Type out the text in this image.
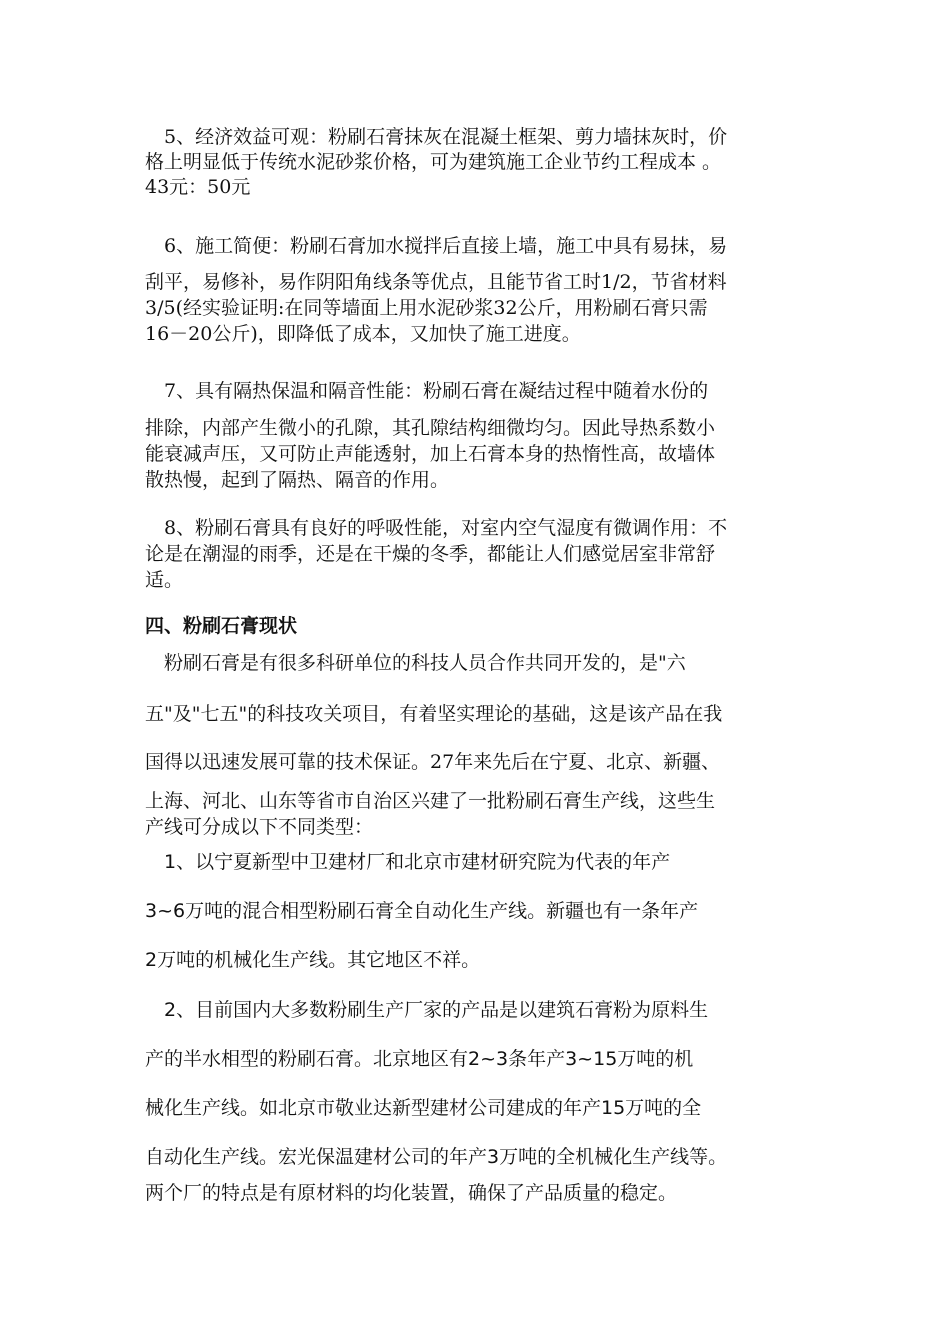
　5、经济效益可观：粉刷石膏抹灰在混凝土框架、剪力墙抹灰时，价
格上明显低于传统水泥砂浆价格，可为建筑施工企业节约工程成本 。
43元：50元
　6、施工简便：粉刷石膏加水搅拌后直接上墙，施工中具有易抹，易
刮平，易修补，易作阴阳角线条等优点，且能节省工时1/2，节省材料
3/5(经实验证明:在同等墙面上用水泥砂浆32公斤，用粉刷石膏只需
16－20公斤)，即降低了成本，又加快了施工进度。
　7、具有隔热保温和隔音性能：粉刷石膏在凝结过程中随着水份的
排除，内部产生微小的孔隙，其孔隙结构细微均匀。因此导热系数小
能衰减声压，又可防止声能透射，加上石膏本身的热惰性高，故墙体
散热慢，起到了隔热、隔音的作用。
　8、粉刷石膏具有良好的呼吸性能，对室内空气湿度有微调作用：不
论是在潮湿的雨季，还是在干燥的冬季，都能让人们感觉居室非常舒
适。
四、粉刷石膏现状
　粉刷石膏是有很多科研单位的科技人员合作共同开发的，是"六
五"及"七五"的科技攻关项目，有着坚实理论的基础，这是该产品在我
国得以迅速发展可靠的技术保证。27年来先后在宁夏、北京、新疆、
上海、河北、山东等省市自治区兴建了一批粉刷石膏生产线，这些生
产线可分成以下不同类型：
　1、以宁夏新型中卫建材厂和北京市建材研究院为代表的年产
3~6万吨的混合相型粉刷石膏全自动化生产线。新疆也有一条年产
2万吨的机械化生产线。其它地区不祥。
　2、目前国内大多数粉刷生产厂家的产品是以建筑石膏粉为原料生
产的半水相型的粉刷石膏。北京地区有2~3条年产3~15万吨的机
械化生产线。如北京市敬业达新型建材公司建成的年产15万吨的全
自动化生产线。宏光保温建材公司的年产3万吨的全机械化生产线等。
两个厂的特点是有原材料的均化装置，确保了产品质量的稳定。
